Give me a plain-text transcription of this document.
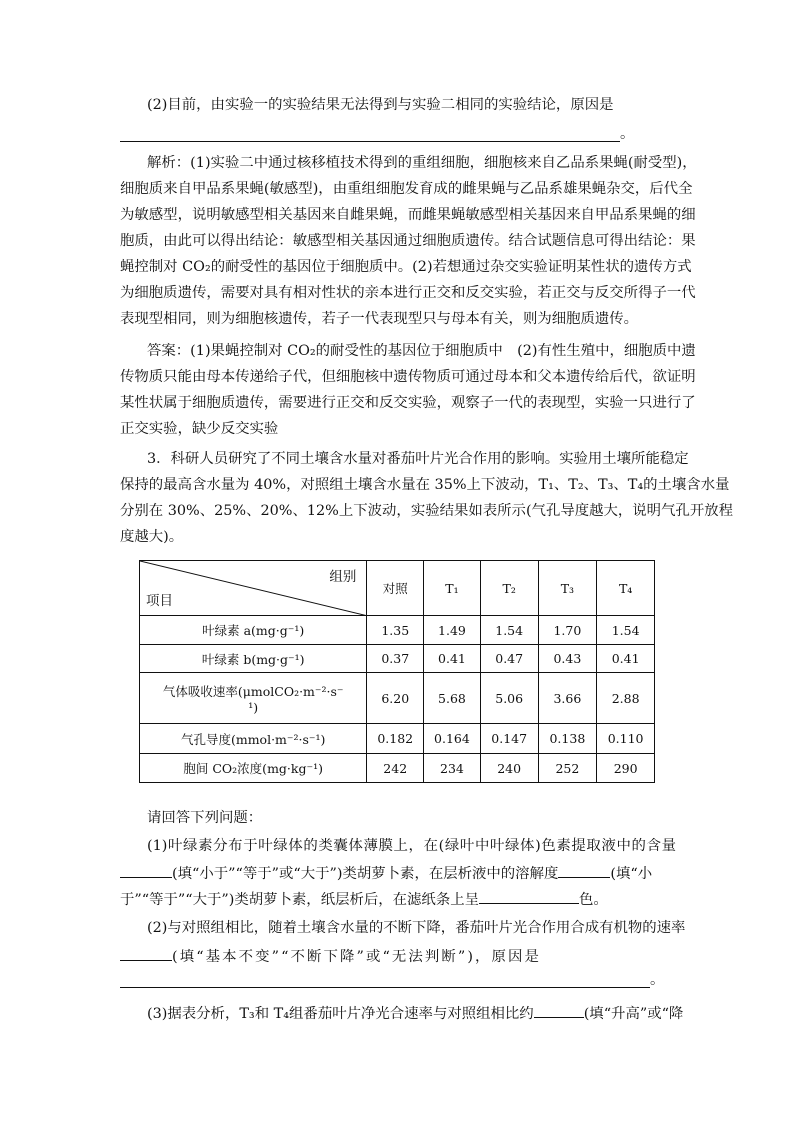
(2)目前，由实验一的实验结果无法得到与实验二相同的实验结论，原因是
。
解析：(1)实验二中通过核移植技术得到的重组细胞，细胞核来自乙品系果蝇(耐受型)，
细胞质来自甲品系果蝇(敏感型)，由重组细胞发育成的雌果蝇与乙品系雄果蝇杂交，后代全
为敏感型，说明敏感型相关基因来自雌果蝇，而雌果蝇敏感型相关基因来自甲品系果蝇的细
胞质，由此可以得出结论：敏感型相关基因通过细胞质遗传。结合试题信息可得出结论：果
蝇控制对 CO₂的耐受性的基因位于细胞质中。(2)若想通过杂交实验证明某性状的遗传方式
为细胞质遗传，需要对具有相对性状的亲本进行正交和反交实验，若正交与反交所得子一代
表现型相同，则为细胞核遗传，若子一代表现型只与母本有关，则为细胞质遗传。
答案：(1)果蝇控制对 CO₂的耐受性的基因位于细胞质中　(2)有性生殖中，细胞质中遗
传物质只能由母本传递给子代，但细胞核中遗传物质可通过母本和父本遗传给后代，欲证明
某性状属于细胞质遗传，需要进行正交和反交实验，观察子一代的表现型，实验一只进行了
正交实验，缺少反交实验
3．科研人员研究了不同土壤含水量对番茄叶片光合作用的影响。实验用土壤所能稳定
保持的最高含水量为 40%，对照组土壤含水量在 35%上下波动，T₁、T₂、T₃、T₄的土壤含水量
分别在 30%、25%、20%、12%上下波动，实验结果如表所示(气孔导度越大，说明气孔开放程
度越大)。
组别
项目	对照	T₁	T₂	T₃	T₄
叶绿素 a(mg·g⁻¹)	1.35	1.49	1.54	1.70	1.54
叶绿素 b(mg·g⁻¹)	0.37	0.41	0.47	0.43	0.41

气体吸收速率(μmolCO₂·m⁻²·s⁻
¹)	6.20	5.68	5.06	3.66	2.88
气孔导度(mmol·m⁻²·s⁻¹)	0.182	0.164	0.147	0.138	0.110
胞间 CO₂浓度(mg·kg⁻¹)	242	234	240	252	290
请回答下列问题：
(1)叶绿素分布于叶绿体的类囊体薄膜上，在(绿叶中叶绿体)色素提取液中的含量
(填“小于”“等于”或“大于”)类胡萝卜素，在层析液中的溶解度	(填“小
于”“等于”“大于”)类胡萝卜素，纸层析后，在滤纸条上呈	色。
(2)与对照组相比，随着土壤含水量的不断下降，番茄叶片光合作用合成有机物的速率
(填“基本不变”“不断下降”或“无法判断”)，原因是
。
(3)据表分析，T₃和 T₄组番茄叶片净光合速率与对照组相比约	(填“升高”或“降
